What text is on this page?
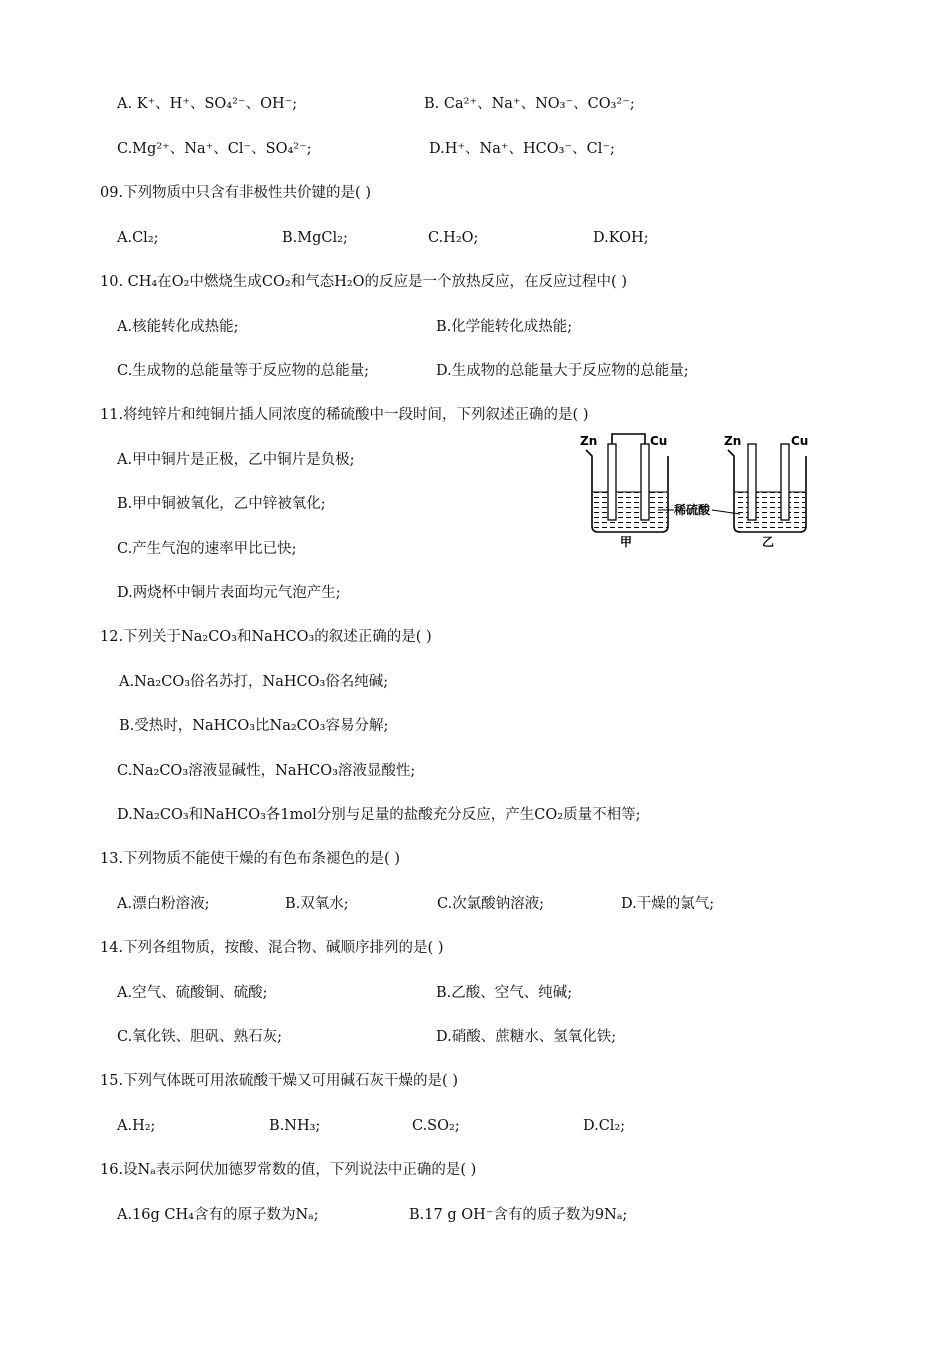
A. K⁺、H⁺、SO₄²⁻、OH⁻;	B. Ca²⁺、Na⁺、NO₃⁻、CO₃²⁻;
C.Mg²⁺、Na⁺、Cl⁻、SO₄²⁻;	D.H⁺、Na⁺、HCO₃⁻、Cl⁻;
09.下列物质中只含有非极性共价键的是( )
A.Cl₂;	B.MgCl₂;	C.H₂O;	D.KOH;
10. CH₄在O₂中燃烧生成CO₂和气态H₂O的反应是一个放热反应，在反应过程中( )
A.核能转化成热能;	B.化学能转化成热能;
C.生成物的总能量等于反应物的总能量;	D.生成物的总能量大于反应物的总能量;
11.将纯锌片和纯铜片插人同浓度的稀硫酸中一段时间，下列叙述正确的是( )
A.甲中铜片是正极，乙中铜片是负极;
B.甲中铜被氧化，乙中锌被氧化;
C.产生气泡的速率甲比已快;
D.两烧杯中铜片表面均元气泡产生;
Zn	Cu
甲
稀硫酸
Zn	Cu
乙
12.下列关于Na₂CO₃和NaHCO₃的叙述正确的是( )
A.Na₂CO₃俗名苏打，NaHCO₃俗名纯碱;
B.受热时，NaHCO₃比Na₂CO₃容易分解;
C.Na₂CO₃溶液显碱性，NaHCO₃溶液显酸性;
D.Na₂CO₃和NaHCO₃各1mol分别与足量的盐酸充分反应，产生CO₂质量不相等;
13.下列物质不能使干燥的有色布条褪色的是( )
A.漂白粉溶液;	B.双氧水;	C.次氯酸钠溶液;	D.干燥的氯气;
14.下列各组物质，按酸、混合物、碱顺序排列的是( )
A.空气、硫酸铜、硫酸;	B.乙酸、空气、纯碱;
C.氧化铁、胆矾、熟石灰;	D.硝酸、蔗糖水、氢氧化铁;
15.下列气体既可用浓硫酸干燥又可用碱石灰干燥的是( )
A.H₂;	B.NH₃;	C.SO₂;	D.Cl₂;
16.设Nₐ表示阿伏加德罗常数的值，下列说法中正确的是( )
A.16g CH₄含有的原子数为Nₐ;	B.17 g OH⁻含有的质子数为9Nₐ;
